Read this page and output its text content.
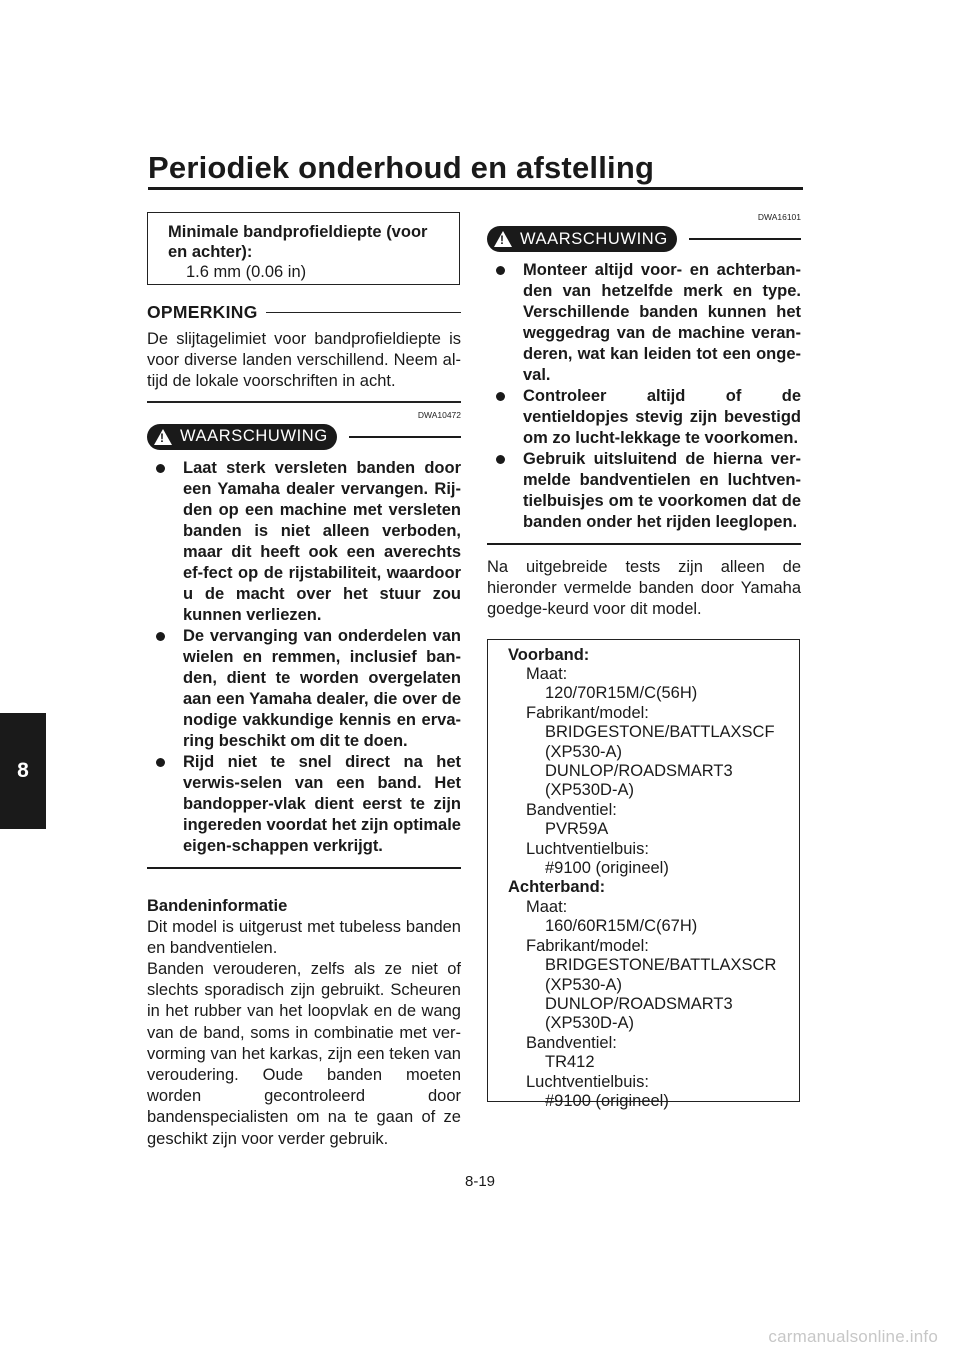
Periodiek onderhoud en afstelling
8
Minimale bandprofieldiepte (voor en achter):
1.6 mm (0.06 in)
OPMERKING

De slijtagelimiet voor bandprofieldiepte is voor diverse landen verschillend. Neem al-tijd de lokale voorschriften in acht.

DWA10472
! WAARSCHUWING
Laat sterk versleten banden door een Yamaha dealer vervangen. Rij-den op een machine met versleten banden is niet alleen verboden, maar dit heeft ook een averechts ef-fect op de rijstabiliteit, waardoor u de macht over het stuur zou kunnen verliezen.
De vervanging van onderdelen van wielen en remmen, inclusief ban-den, dient te worden overgelaten aan een Yamaha dealer, die over de nodige vakkundige kennis en erva-ring beschikt om dit te doen.
Rijd niet te snel direct na het verwis-selen van een band. Het bandopper-vlak dient eerst te zijn ingereden voordat het zijn optimale eigen-schappen verkrijgt.
Bandeninformatie

Dit model is uitgerust met tubeless banden en bandventielen.

Banden verouderen, zelfs als ze niet of slechts sporadisch zijn gebruikt. Scheuren in het rubber van het loopvlak en de wang van de band, soms in combinatie met ver-vorming van het karkas, zijn een teken van veroudering. Oude banden moeten worden gecontroleerd door bandenspecialisten om na te gaan of ze geschikt zijn voor verder gebruik.

DWA16101
! WAARSCHUWING
Monteer altijd voor- en achterban-den van hetzelfde merk en type. Verschillende banden kunnen het weggedrag van de machine veran-deren, wat kan leiden tot een onge-val.
Controleer altijd of de ventieldopjes stevig zijn bevestigd om zo lucht-lekkage te voorkomen.
Gebruik uitsluitend de hierna ver-melde bandventielen en luchtven-tielbuisjes om te voorkomen dat de banden onder het rijden leeglopen.

Na uitgebreide tests zijn alleen de hieronder vermelde banden door Yamaha goedge-keurd voor dit model.

Voorband:
Maat:
120/70R15M/C(56H)
Fabrikant/model:
BRIDGESTONE/BATTLAXSCF
(XP530-A)
DUNLOP/ROADSMART3
(XP530D-A)
Bandventiel:
PVR59A
Luchtventielbuis:
#9100 (origineel)
Achterband:
Maat:
160/60R15M/C(67H)
Fabrikant/model:
BRIDGESTONE/BATTLAXSCR
(XP530-A)
DUNLOP/ROADSMART3
(XP530D-A)
Bandventiel:
TR412
Luchtventielbuis:
#9100 (origineel)
8-19
carmanualsonline.info
